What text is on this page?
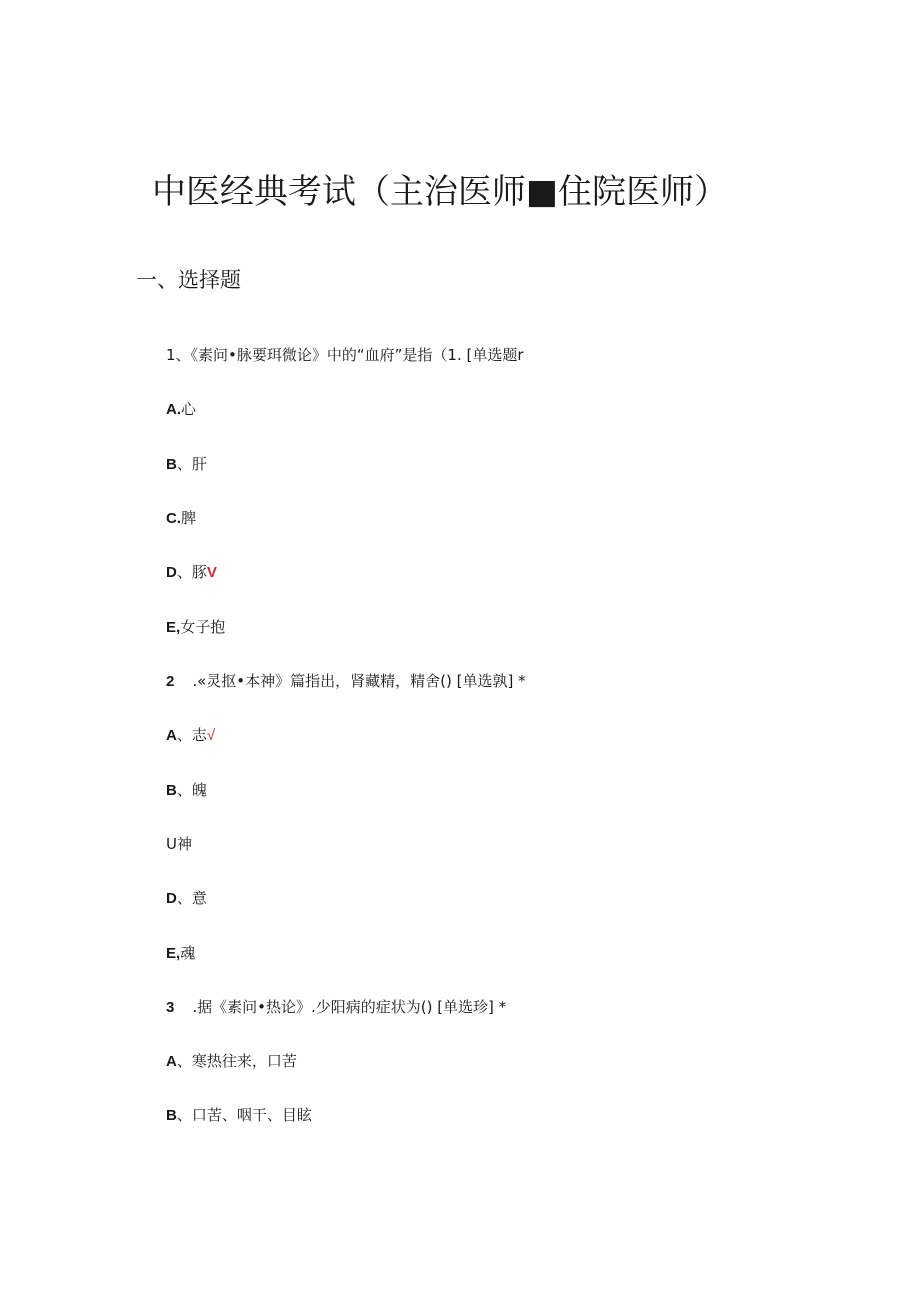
中医经典考试（主治医师■住院医师）
一、选择题
1、《素问•脉要珥微论》中的“血府”是指（1. [单选题r
A.心
B、肝
C.脾
D、豚V
E,女子抱
2 .«灵抠•本神》篇指出，肾藏精，精舍() [单选孰] *
A、志√
B、魄
U神
D、意
E,魂
3 .据《素问•热论》.少阳病的症状为() [单选珍] *
A、寒热往来，口苦
B、口苦、咽干、目眩
